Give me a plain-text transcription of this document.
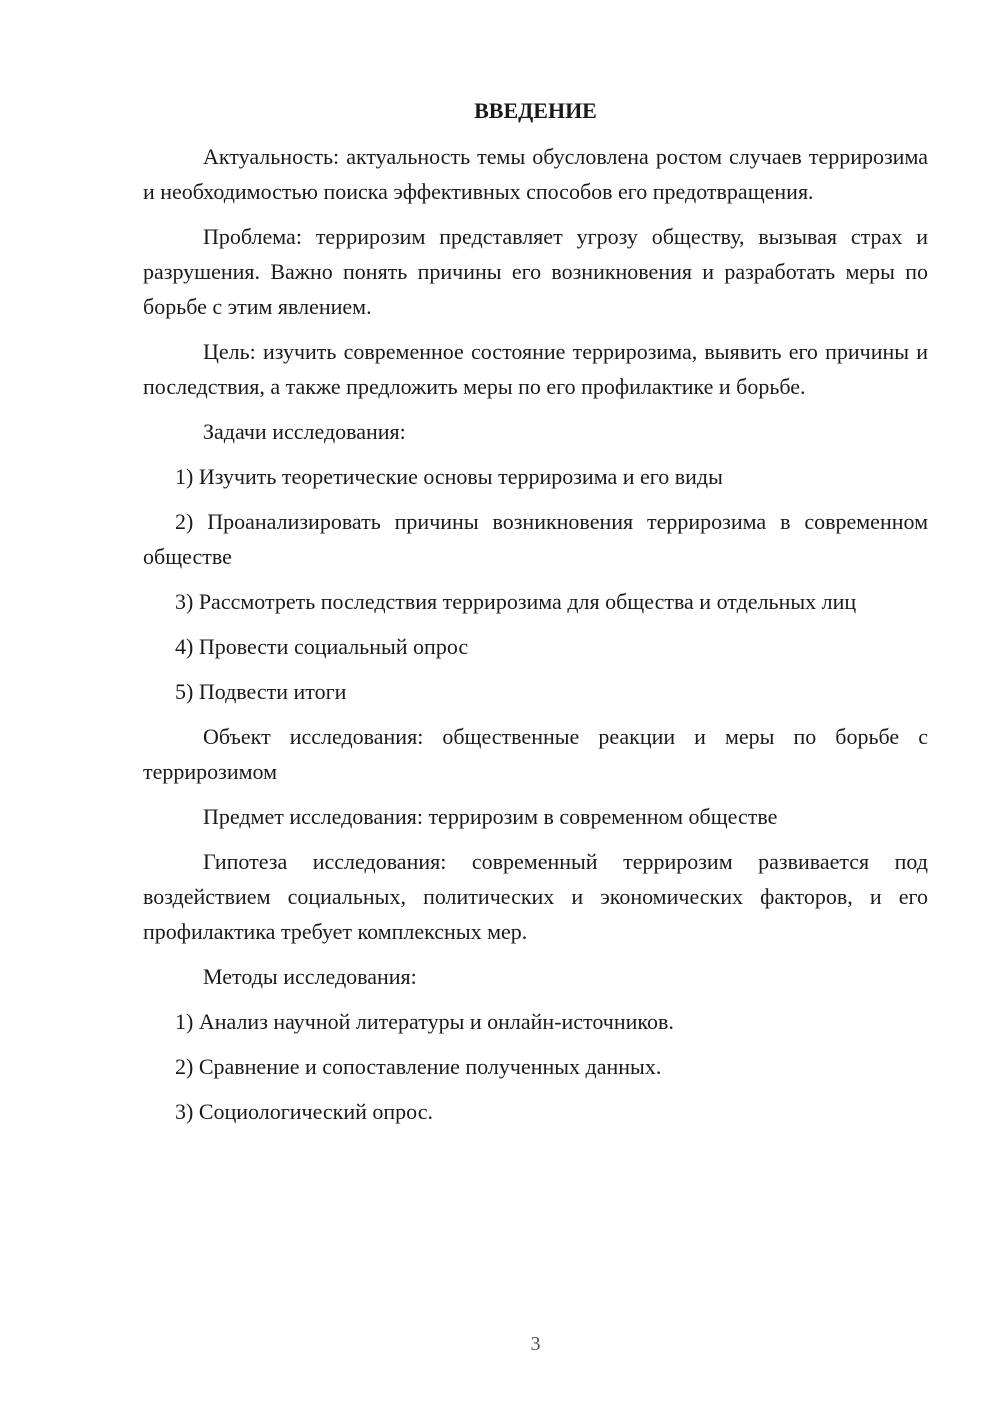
ВВЕДЕНИЕ

Актуальность: актуальность темы обусловлена ростом случаев террирозима и необходимостью поиска эффективных способов его предотвращения.

Проблема: террирозим представляет угрозу обществу, вызывая страх и разрушения. Важно понять причины его возникновения и разработать меры по борьбе с этим явлением.

Цель: изучить современное состояние террирозима, выявить его причины и последствия, а также предложить меры по его профилактике и борьбе.

Задачи исследования:

1) Изучить теоретические основы террирозима и его виды

2) Проанализировать причины возникновения террирозима в современном обществе

3) Рассмотреть последствия террирозима для общества и отдельных лиц

4) Провести социальный опрос

5) Подвести итоги

Объект исследования: общественные реакции и меры по борьбе с террирозимом

Предмет исследования: террирозим в современном обществе

Гипотеза исследования: современный террирозим развивается под воздействием социальных, политических и экономических факторов, и его профилактика требует комплексных мер.

Методы исследования:

1) Анализ научной литературы и онлайн-источников.

2) Сравнение и сопоставление полученных данных.

3) Социологический опрос.

3
